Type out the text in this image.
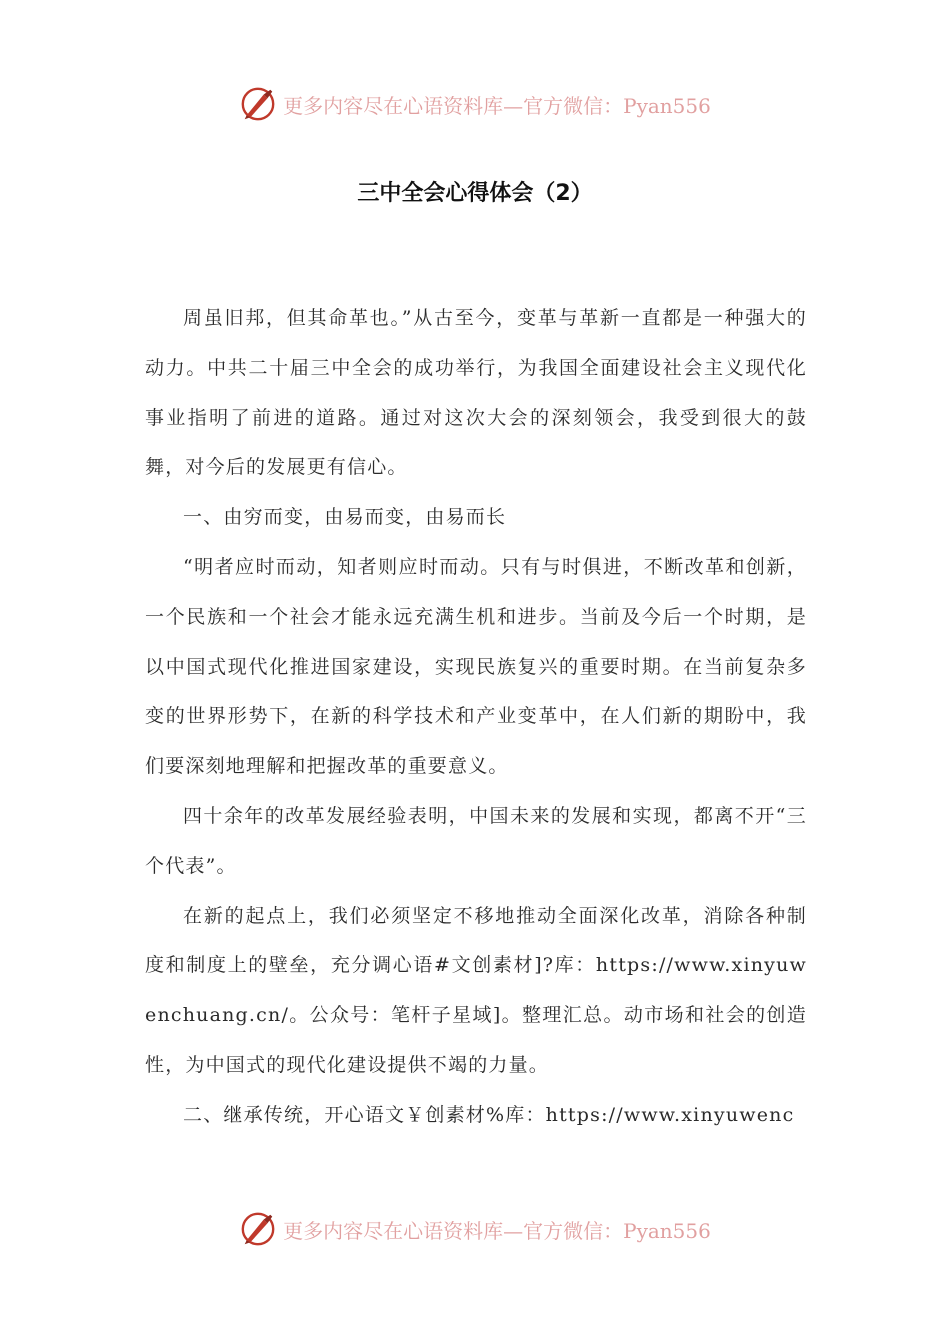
更多内容尽在心语资料库—官方微信：Pyan556
三中全会心得体会（2）

周虽旧邦，但其命革也。”从古至今，变革与革新一直都是一种强大的动力。中共二十届三中全会的成功举行，为我国全面建设社会主义现代化事业指明了前进的道路。通过对这次大会的深刻领会，我受到很大的鼓舞，对今后的发展更有信心。

一、由穷而变，由易而变，由易而长

“明者应时而动，知者则应时而动。只有与时俱进，不断改革和创新，一个民族和一个社会才能永远充满生机和进步。当前及今后一个时期，是以中国式现代化推进国家建设，实现民族复兴的重要时期。在当前复杂多变的世界形势下，在新的科学技术和产业变革中，在人们新的期盼中，我们要深刻地理解和把握改革的重要意义。

四十余年的改革发展经验表明，中国未来的发展和实现，都离不开“三个代表”。

在新的起点上，我们必须坚定不移地推动全面深化改革，消除各种制度和制度上的壁垒，充分调心语#文创素材]?库：https://www.xinyuwenchuang.cn/。公众号：笔杆子星域]。整理汇总。动市场和社会的创造性，为中国式的现代化建设提供不竭的力量。

二、继承传统，开心语文￥创素材%库：https://www.xinyuwenc

更多内容尽在心语资料库—官方微信：Pyan556
